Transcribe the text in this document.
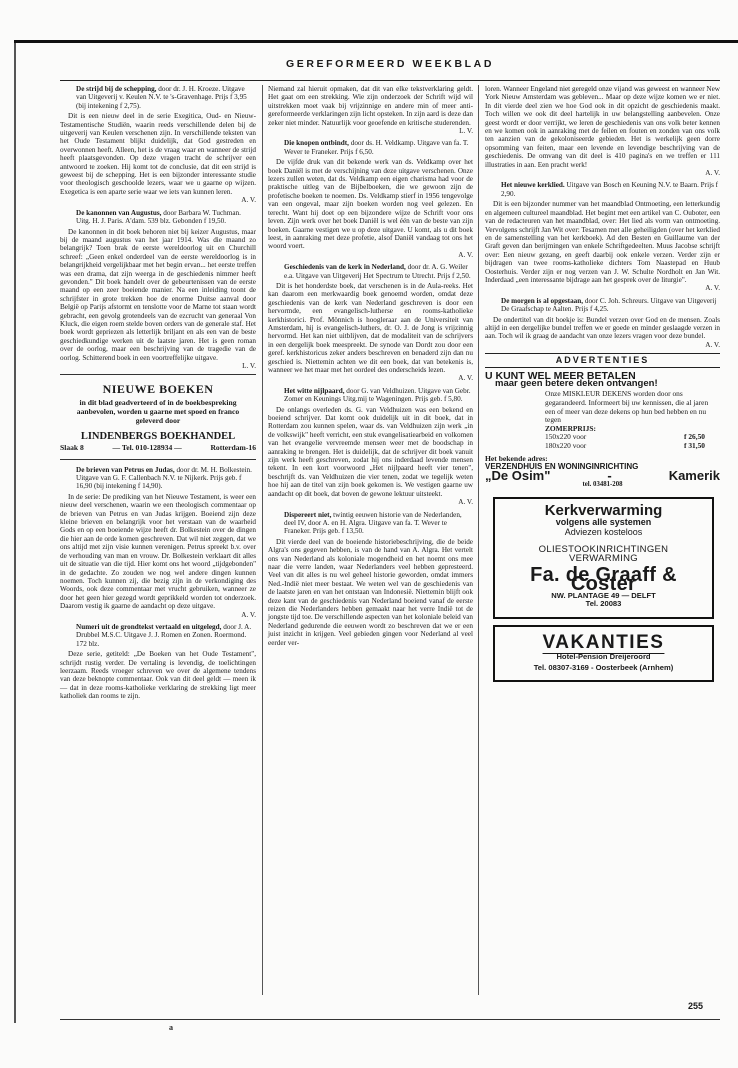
GEREFORMEERD WEEKBLAD
De strijd bij de schepping, door dr. J. H. Kroeze. Uitgave van Uitgeverij v. Keulen N.V. te 's-Gravenhage. Prijs f 3,95 (bij intekening f 2,75).

Dit is een nieuw deel in de serie Exegitica, Oud- en Nieuw-Testamentische Studiën, waarin reeds verschillende delen bij de uitgeverij van Keulen verschenen zijn. In verschillende teksten van het Oude Testament blijkt duidelijk, dat God gestreden en overwonnen heeft. Alleen, het is de vraag waar en wanneer de strijd heeft plaatsgevonden. Op deze vragen tracht de schrijver een antwoord te zoeken. Hij komt tot de conclusie, dat dit een strijd is geweest bij de schepping. Het is een bijzonder interessante studie voor theologisch geschoolde lezers, waar we u gaarne op wijzen. Exegetica is een aparte serie waar we iets van kunnen leren.

A. V.
De kanonnen van Augustus, door Barbara W. Tuchman. Uitg. H. J. Paris. A'dam. 539 blz. Gebonden f 19,50.

De kanonnen in dit boek behoren niet bij keizer Augustus, maar bij de maand augustus van het jaar 1914. Was die maand zo belangrijk? Toen brak de eerste wereldoorlog uit en Churchill schreef: „Geen enkel onderdeel van de eerste wereldoorlog is in belangrijkheid vergelijkbaar met het begin ervan... het eerste treffen was een drama, dat zijn weerga in de geschiedenis nimmer heeft gevonden." Dit boek handelt over de gebeurtenissen van de eerste maand op een zeer boeiende manier. Na een inleiding toont de schrijfster in grote trekken hoe de enorme Duitse aanval door België op Parijs afstormt en tenslotte voor de Marne tot staan wordt gebracht, een gevolg grotendeels van de ezcrucht van generaal Von Kluck, die eigen roem stelde boven orders van de generale staf. Het boek wordt gepriezen als letterlijk briljant en als een van de beste geschiedkundige werken uit de laatste jaren. Het is geen roman over de oorlog, maar een beschrijving van de tragedie van de oorlog. Schitterend boek in een voortreffelijke uitgave.

L. V.
NIEUWE BOEKEN
in dit blad geadverteerd of in de boekbespreking
aanbevolen, worden u gaarne met spoed en franco
geleverd door
LINDENBERGS BOEKHANDEL
Slaak 8	— Tel. 010-128934 —	Rotterdam-16
De brieven van Petrus en Judas, door dr. M. H. Bolkestein. Uitgave van G. F. Callenbach N.V. te Nijkerk. Prijs geb. f 16,90 (bij intekening f 14,90).

In de serie: De prediking van het Nieuwe Testament, is weer een nieuw deel verschenen, waarin we een theologisch commentaar op de brieven van Petrus en van Judas krijgen. Boeiend zijn deze kleine brieven en belangrijk voor het verstaan van de waarheid Gods en op een boeiende wijze heeft dr. Bolkestein over de dingen die hier aan de orde komen geschreven. Dat wil niet zeggen, dat we ons altijd met zijn visie kunnen verenigen. Petrus spreekt b.v. over de verhouding van man en vrouw. Dr. Bolkestein verklaart dit alles uit de situatie van die tijd. Hier komt ons het woord „tijdgebonden" in de gedachte. Zo zouden we nog wel andere dingen kunnen noemen. Toch kunnen zij, die bezig zijn in de verkondiging des Woords, ook deze commentaar met vrucht gebruiken, wanneer ze door het geen hier gezegd wordt geprikkeld worden tot onderzoek. Daarom vestig ik gaarne de aandacht op deze uitgave.

A. V.
Numeri uit de grondtekst vertaald en uitgelegd, door J. A. Drubbel M.S.C. Uitgave J. J. Romen en Zonen. Roermond. 172 blz.

Deze serie, getiteld: „De Boeken van het Oude Testament", schrijdt rustig verder. De vertaling is levendig, de toelichtingen leerzaam. Reeds vroeger schreven we over de algemene tendens van deze beknopte commentaar. Ook van dit deel geldt — meen ik — dat in deze rooms-katholieke verklaring de strekking ligt meer katholiek dan rooms te zijn.

Niemand zal hieruit opmaken, dat dit van elke tekstverklaring geldt. Het gaat om een strekking. Wie zijn onderzoek der Schrift wijd wil uitstrekken moet vaak bij vrijzinnige en andere min of meer anti-gereformeerde verklaringen zijn licht opsteken. In zijn aard is deze dan zeker niet minder. Natuurlijk voor geoefende en kritische studerenden.

L. V.
Die knopen ontbindt, door ds. H. Veldkamp. Uitgave van fa. T. Wever te Franeker. Prijs f 6,50.

De vijfde druk van dit bekende werk van ds. Veldkamp over het boek Daniël is met de verschijning van deze uitgave verschenen. Onze lezers zullen weten, dat ds. Veldkamp een eigen charisma had voor de praktische uitleg van de Bijbelboeken, die we gewoon zijn de profetische boeken te noemen. Ds. Veldkamp stierf in 1956 tengevolge van een ongeval, maar zijn boeken worden nog veel gelezen. En terecht. Want hij doet op een bijzondere wijze de Schrift voor ons leven. Zijn werk over het boek Daniël is wel één van de beste van zijn boeken. Gaarne vestigen we u op deze uitgave. U komt, als u dit boek leest, in aanraking met deze profetie, alsof Daniël vandaag tot ons het woord voert.

A. V.
Geschiedenis van de kerk in Nederland, door dr. A. G. Weiler e.a. Uitgave van Uitgeverij Het Spectrum te Utrecht. Prijs f 2,50.

Dit is het honderdste boek, dat verschenen is in de Aula-reeks. Het kan daarom een merkwaardig boek genoemd worden, omdat deze geschiedenis van de kerk van Nederland geschreven is door een hervormde, een evangelisch-lutherse en rooms-katholieke kerkhistorici. Prof. Mönnich is hoogleraar aan de Universiteit van Amsterdam, hij is evangelisch-luthers, dr. O. J. de Jong is vrijzinnig hervormd. Het kan niet uitblijven, dat de modaliteit van de schrijvers in een dergelijk boek meespreekt. De synode van Dordt zou door een geref. kerkhistoricus zeker anders beschreven en benaderd zijn dan nu geschied is. Niettemin achten we dit een boek, dat van betekenis is, wanneer we het maar met het oordeel des onderscheids lezen.

A. V.
Het witte nijlpaard, door G. van Veldhuizen. Uitgave van Gebr. Zomer en Keunings Uitg.mij te Wageningen. Prijs geb. f 5,80.

De onlangs overleden ds. G. van Veldhuizen was een bekend en boeiend schrijver. Dat komt ook duidelijk uit in dit boek, dat in Rotterdam zou kunnen spelen, waar ds. van Veldhuizen zijn werk „in de volkswijk" heeft verricht, een stuk evangelisatiearbeid en volkomen van het evangelie vervreemde mensen weer met de boodschap in aanraking te brengen. Het is duidelijk, dat de schrijver dit boek vanuit zijn werk heeft geschreven, zodat hij ons inderdaad levende mensen tekent. In een kort voorwoord „Het nijlpaard heeft vier tenen", beschrijft ds. van Veldhuizen die vier tenen, zodat we tegelijk weten hoe hij aan de titel van zijn boek gekomen is. We vestigen gaarne uw aandacht op dit boek, dat boven de gewone lektuur uitsteekt.

A. V.
Dispereert niet, twintig eeuwen historie van de Nederlanden, deel IV, door A. en H. Algra. Uitgave van fa. T. Wever te Franeker. Prijs geb. f 13,50.

Dit vierde deel van de boeiende historiebeschrijving, die de beide Algra's ons gegeven hebben, is van de hand van A. Algra. Het vertelt ons van Nederland als koloniale mogendheid en het noemt ons mee naar die verre landen, waar Nederlanders veel hebben gepresteerd. Veel van dit alles is nu wel geheel historie geworden, omdat immers Ned.-Indië niet meer bestaat. We weten wel van de geschiedenis van de laatste jaren en van het ontstaan van Indonesië. Niettemin blijft ook deze kant van de geschiedenis van Nederland boeiend vanaf de eerste reizen die Nederlanders hebben gemaakt naar het verre Indië tot de jongste tijd toe. De verschillende aspecten van het koloniale beleid van Nederland gedurende die eeuwen wordt zo beschreven dat we er een juist inzicht in krijgen. Veel gebieden gingen voor Nederland al veel eerder ver-

loren. Wanneer Engeland niet geregeld onze vijand was geweest en wanneer New York Nieuw Amsterdam was gebleven... Maar op deze wijze komen we er niet. In dit vierde deel zien we hoe God ook in dit opzicht de geschiedenis maakt. Toch willen we ook dit deel hartelijk in uw belangstelling aanbevelen. Onze geest wordt er door verrijkt, we leren de geschiedenis van ons volk beter kennen en we komen ook in aanraking met de feilen en fouten en zonden van ons volk ten aanzien van de gekoloniseerde gebieden. Het is werkelijk geen dorre opsomming van feiten, maar een levende en levendige beschrijving van de geschiedenis. De omvang van dit deel is 410 pagina's en we treffen er 111 illustraties in aan. Een pracht werk!

A. V.
Het nieuwe kerklied. Uitgave van Bosch en Keuning N.V. te Baarn. Prijs f 2,90.

Dit is een bijzonder nummer van het maandblad Ontmoeting, een letterkundig en algemeen cultureel maandblad. Het begint met een artikel van C. Ouboter, een van de redacteuren van het maandblad, over: Het lied als vorm van ontmoeting. Vervolgens schrijft Jan Wit over: Tesamen met alle geheiligden (over het kerklied en de samenstelling van het kerkboek). Ad den Besten en Guillaume van der Graft geven dan berijmingen van enkele Schriftgedeelten. Muus Jacobse schrijft over: Een nieuw gezang, en geeft daarbij ook enkele verzen. Verder zijn er bijdragen van twee rooms-katholieke dichters Tom Naastepad en Huub Oosterhuis. Verder zijn er nog verzen van J. W. Schulte Nordholt en Jan Wit. Inderdaad „een interessante bijdrage aan het gesprek over de liturgie".

A. V.
De morgen is al opgestaan, door C. Joh. Schreurs. Uitgave van Uitgeverij De Graafschap te Aalten. Prijs f 4,25.

De ondertitel van dit boekje is: Bundel verzen over God en de mensen. Zoals altijd in een dergelijke bundel treffen we er goede en minder geslaagde verzen in aan. Toch wil ik graag de aandacht van onze lezers vragen voor deze bundel.

A. V.
ADVERTENTIES
U KUNT WEL MEER BETALEN
maar geen betere deken ontvangen!
Onze MISKLEUR DEKENS worden door ons gegarandeerd. Informeert bij uw kennissen, die al jaren een of meer van deze dekens op hun bed hebben en nu tegen
ZOMERPRIJS:
150x220 voor	f 26,50
180x220 voor	f 31,50
Het bekende adres:
VERZENDHUIS EN WONINGINRICHTING
„De Osim"	-	Kamerik
tel. 03481-208
Kerkverwarming
volgens alle systemen
Adviezen kosteloos
OLIESTOOKINRICHTINGEN
VERWARMING
Fa. de Graaff & Coster
NW. PLANTAGE 49 — DELFT
Tel. 20083
VAKANTIES
Hotel-Pension Dreijeroord
Tel. 08307-3169 - Oosterbeek (Arnhem)
255
a
